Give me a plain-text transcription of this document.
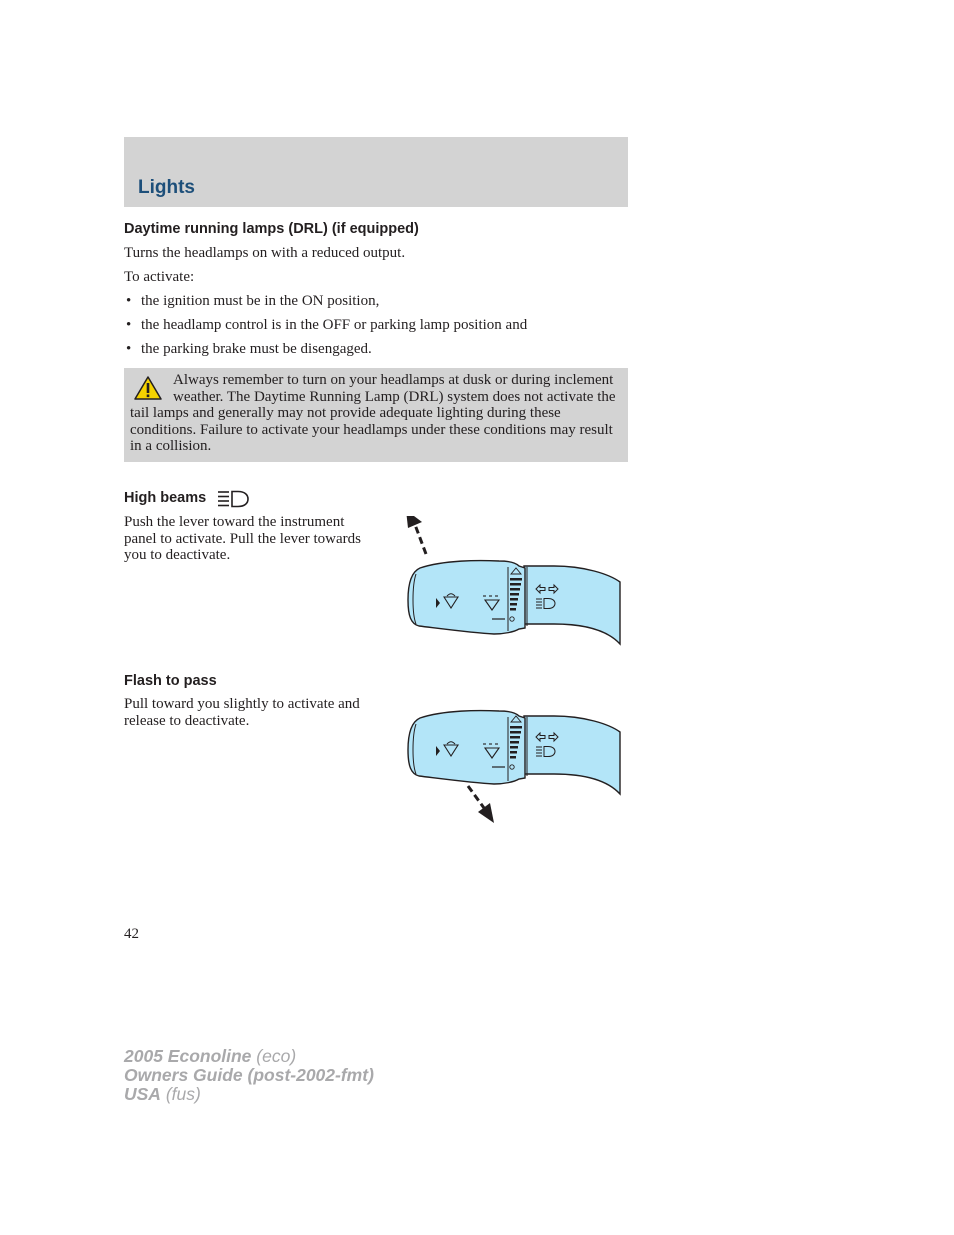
Lights
Daytime running lamps (DRL) (if equipped)

Turns the headlamps on with a reduced output.

To activate:

• the ignition must be in the ON position,
• the headlamp control is in the OFF or parking lamp position and
• the parking brake must be disengaged.

Always remember to turn on your headlamps at dusk or during inclement weather. The Daytime Running Lamp (DRL) system does not activate the tail lamps and generally may not provide adequate lighting during these conditions. Failure to activate your headlamps under these conditions may result in a collision.

High beams

Push the lever toward the instrument panel to activate. Pull the lever towards you to deactivate.

Flash to pass

Pull toward you slightly to activate and release to deactivate.

42

2005 Econoline (eco)
Owners Guide (post-2002-fmt)
USA (fus)
